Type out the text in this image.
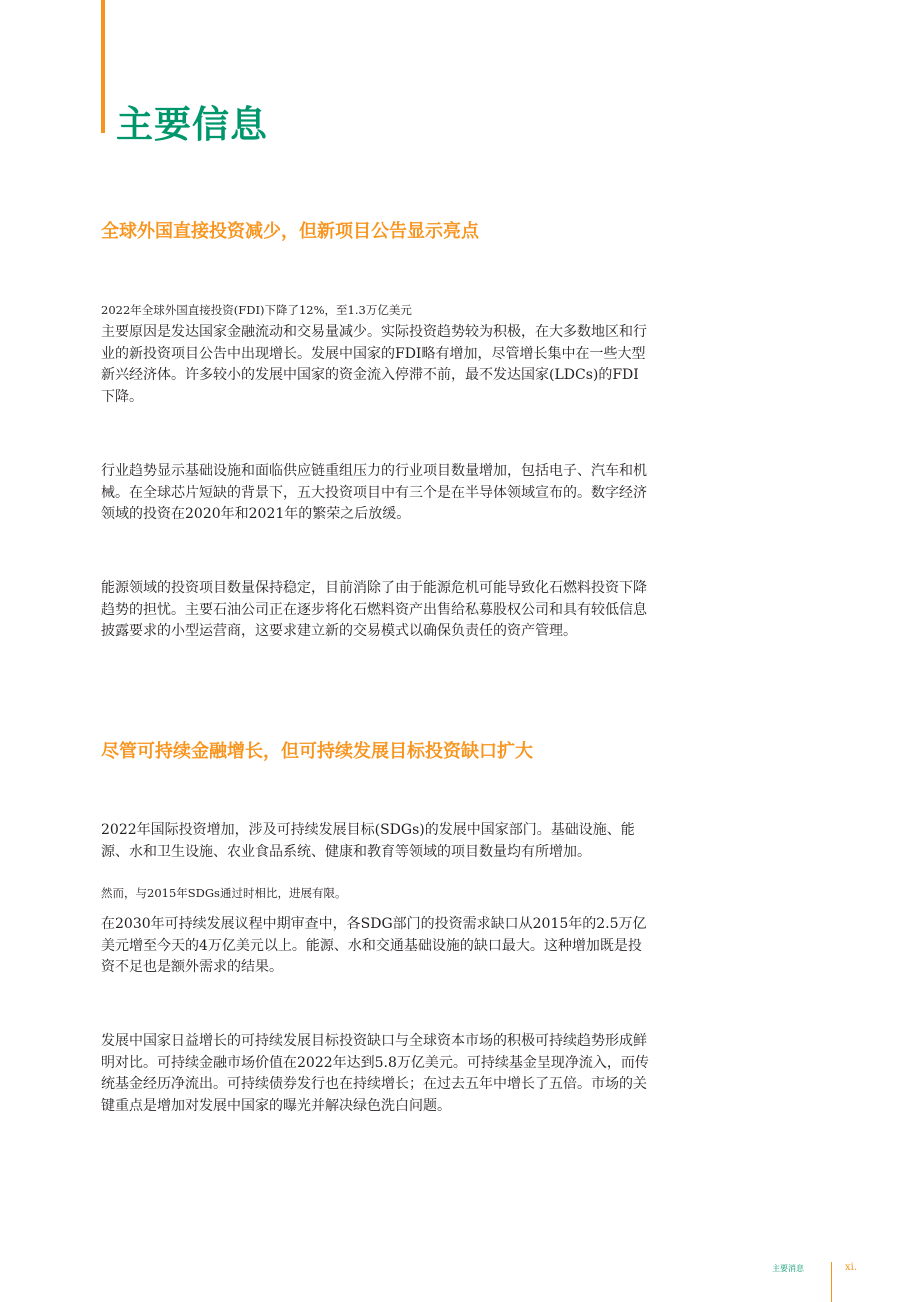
主要信息
全球外国直接投资减少，但新项目公告显示亮点

2022年全球外国直接投资(FDI)下降了12%，至1.3万亿美元

主要原因是发达国家金融流动和交易量减少。实际投资趋势较为积极，在大多数地区和行业的新投资项目公告中出现增长。发展中国家的FDI略有增加，尽管增长集中在一些大型新兴经济体。许多较小的发展中国家的资金流入停滞不前，最不发达国家(LDCs)的FDI下降。

行业趋势显示基础设施和面临供应链重组压力的行业项目数量增加，包括电子、汽车和机械。在全球芯片短缺的背景下，五大投资项目中有三个是在半导体领域宣布的。数字经济领域的投资在2020年和2021年的繁荣之后放缓。

能源领域的投资项目数量保持稳定，目前消除了由于能源危机可能导致化石燃料投资下降趋势的担忧。主要石油公司正在逐步将化石燃料资产出售给私募股权公司和具有较低信息披露要求的小型运营商，这要求建立新的交易模式以确保负责任的资产管理。

尽管可持续金融增长，但可持续发展目标投资缺口扩大

2022年国际投资增加，涉及可持续发展目标(SDGs)的发展中国家部门。基础设施、能源、水和卫生设施、农业食品系统、健康和教育等领域的项目数量均有所增加。

然而，与2015年SDGs通过时相比，进展有限。

在2030年可持续发展议程中期审查中，各SDG部门的投资需求缺口从2015年的2.5万亿美元增至今天的4万亿美元以上。能源、水和交通基础设施的缺口最大。这种增加既是投资不足也是额外需求的结果。

发展中国家日益增长的可持续发展目标投资缺口与全球资本市场的积极可持续趋势形成鲜明对比。可持续金融市场价值在2022年达到5.8万亿美元。可持续基金呈现净流入，而传统基金经历净流出。可持续债券发行也在持续增长；在过去五年中增长了五倍。市场的关键重点是增加对发展中国家的曝光并解决绿色洗白问题。

主要消息	xi.
